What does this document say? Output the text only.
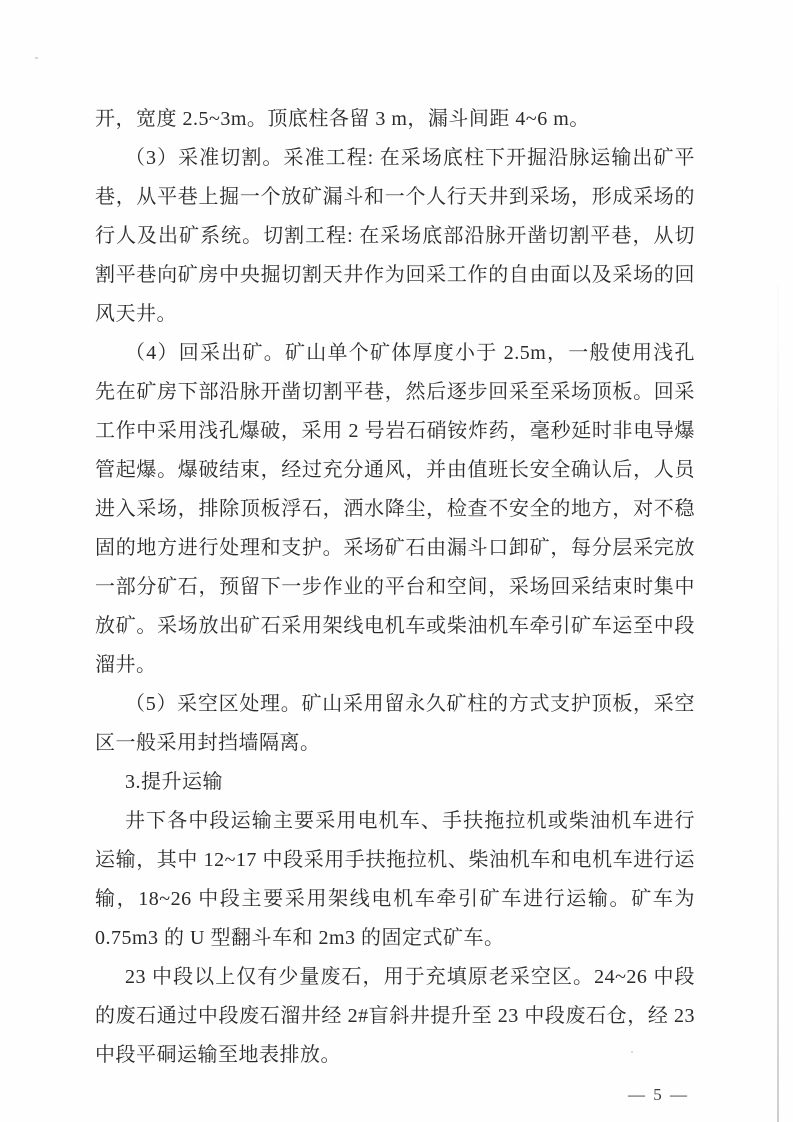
开，宽度 2.5~3m。顶底柱各留 3 m，漏斗间距 4~6 m。

（3）采准切割。采准工程: 在采场底柱下开掘沿脉运输出矿平巷，从平巷上掘一个放矿漏斗和一个人行天井到采场，形成采场的行人及出矿系统。切割工程: 在采场底部沿脉开凿切割平巷，从切割平巷向矿房中央掘切割天井作为回采工作的自由面以及采场的回风天井。

（4）回采出矿。矿山单个矿体厚度小于 2.5m，一般使用浅孔先在矿房下部沿脉开凿切割平巷，然后逐步回采至采场顶板。回采工作中采用浅孔爆破，采用 2 号岩石硝铵炸药，毫秒延时非电导爆管起爆。爆破结束，经过充分通风，并由值班长安全确认后，人员进入采场，排除顶板浮石，洒水降尘，检查不安全的地方，对不稳固的地方进行处理和支护。采场矿石由漏斗口卸矿，每分层采完放一部分矿石，预留下一步作业的平台和空间，采场回采结束时集中放矿。采场放出矿石采用架线电机车或柴油机车牵引矿车运至中段溜井。

（5）采空区处理。矿山采用留永久矿柱的方式支护顶板，采空区一般采用封挡墙隔离。

3.提升运输

井下各中段运输主要采用电机车、手扶拖拉机或柴油机车进行运输，其中 12~17 中段采用手扶拖拉机、柴油机车和电机车进行运输，18~26 中段主要采用架线电机车牵引矿车进行运输。矿车为 0.75m3 的 U 型翻斗车和 2m3 的固定式矿车。

23 中段以上仅有少量废石，用于充填原老采空区。24~26 中段的废石通过中段废石溜井经 2#盲斜井提升至 23 中段废石仓，经 23 中段平硐运输至地表排放。

— 5 —
